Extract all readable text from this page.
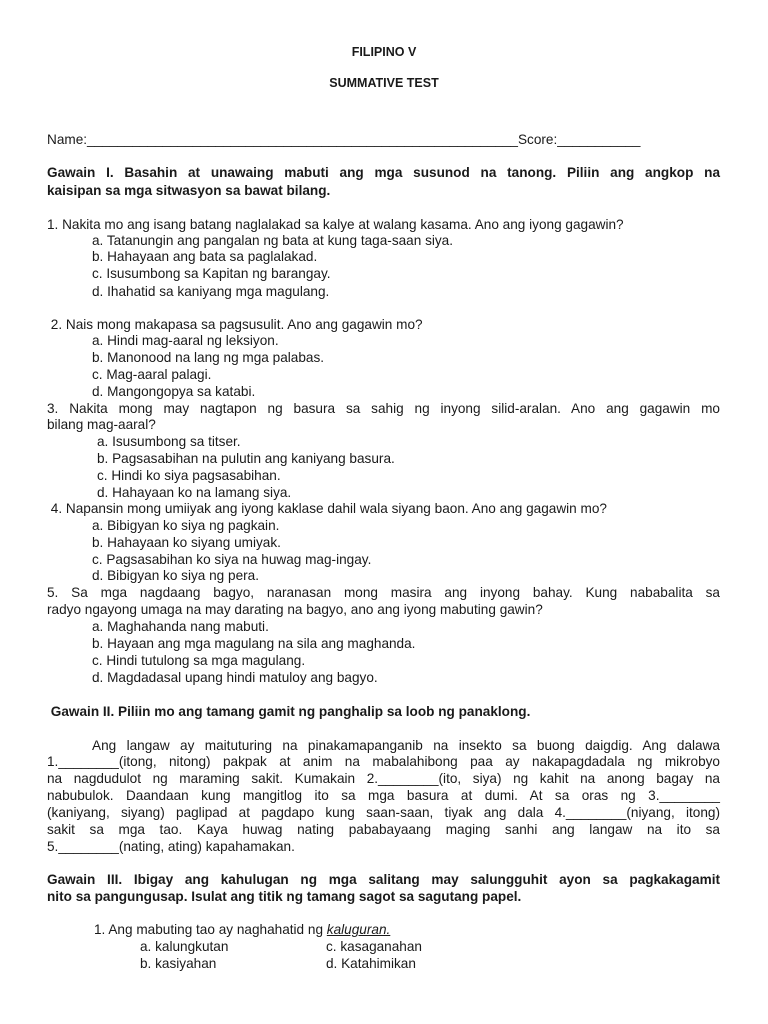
FILIPINO V
SUMMATIVE TEST
Name:_________________________________________________________Score:___________
Gawain I. Basahin at unawaing mabuti ang mga susunod na tanong. Piliin ang angkop na
kaisipan sa mga sitwasyon sa bawat bilang.
1. Nakita mo ang isang batang naglalakad sa kalye at walang kasama. Ano ang iyong gagawin?
a. Tatanungin ang pangalan ng bata at kung taga-saan siya.
b. Hahayaan ang bata sa paglalakad.
c. Isusumbong sa Kapitan ng barangay.
d. Ihahatid sa kaniyang mga magulang.
2. Nais mong makapasa sa pagsusulit. Ano ang gagawin mo?
a. Hindi mag-aaral ng leksiyon.
b. Manonood na lang ng mga palabas.
c. Mag-aaral palagi.
d. Mangongopya sa katabi.
3. Nakita mong may nagtapon ng basura sa sahig ng inyong silid-aralan. Ano ang gagawin mo
bilang mag-aaral?
a. Isusumbong sa titser.
b. Pagsasabihan na pulutin ang kaniyang basura.
c. Hindi ko siya pagsasabihan.
d. Hahayaan ko na lamang siya.
4. Napansin mong umiiyak ang iyong kaklase dahil wala siyang baon. Ano ang gagawin mo?
a. Bibigyan ko siya ng pagkain.
b. Hahayaan ko siyang umiyak.
c. Pagsasabihan ko siya na huwag mag-ingay.
d. Bibigyan ko siya ng pera.
5. Sa mga nagdaang bagyo, naranasan mong masira ang inyong bahay. Kung nababalita sa
radyo ngayong umaga na may darating na bagyo, ano ang iyong mabuting gawin?
a. Maghahanda nang mabuti.
b. Hayaan ang mga magulang na sila ang maghanda.
c. Hindi tutulong sa mga magulang.
d. Magdadasal upang hindi matuloy ang bagyo.
Gawain II. Piliin mo ang tamang gamit ng panghalip sa loob ng panaklong.
Ang langaw ay maituturing na pinakamapanganib na insekto sa buong daigdig. Ang dalawa
1.________(itong, nitong) pakpak at anim na mabalahibong paa ay nakapagdadala ng mikrobyo
na nagdudulot ng maraming sakit. Kumakain 2.________(ito, siya) ng kahit na anong bagay na
nabubulok. Daandaan kung mangitlog ito sa mga basura at dumi. At sa oras ng 3.________
(kaniyang, siyang) paglipad at pagdapo kung saan-saan, tiyak ang dala 4.________(niyang, itong)
sakit sa mga tao. Kaya huwag nating pababayaang maging sanhi ang langaw na ito sa
5.________(nating, ating) kapahamakan.
Gawain III. Ibigay ang kahulugan ng mga salitang may salungguhit ayon sa pagkakagamit
nito sa pangungusap. Isulat ang titik ng tamang sagot sa sagutang papel.
1. Ang mabuting tao ay naghahatid ng kaluguran.
a. kalungkutan	c. kasaganahan
b. kasiyahan	d. Katahimikan
